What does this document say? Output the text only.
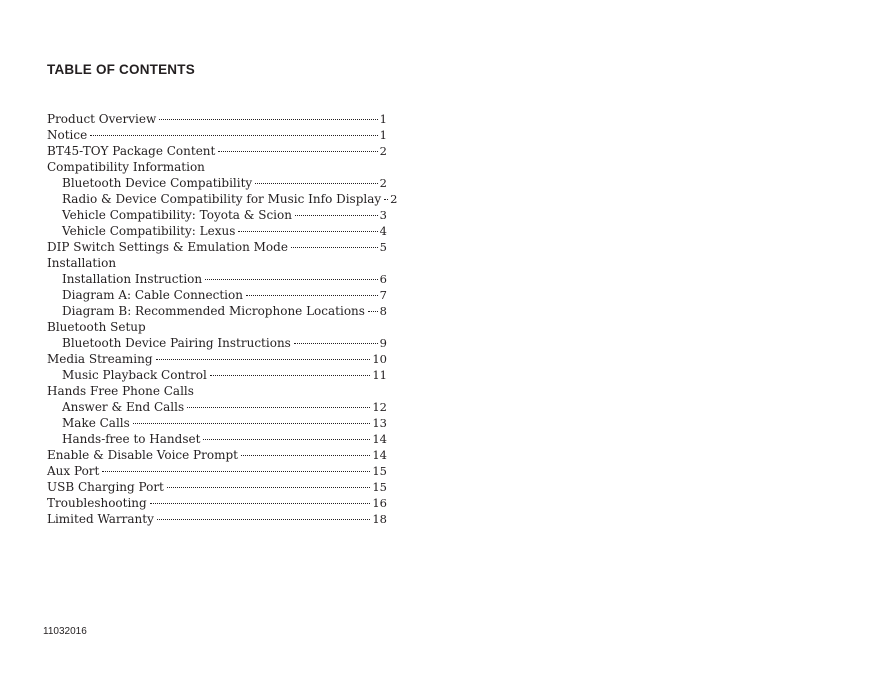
TABLE OF CONTENTS
Product Overview	1
Notice	1
BT45-TOY Package Content	2
Compatibility Information
Bluetooth Device Compatibility	2
Radio & Device Compatibility for Music Info Display 2
Vehicle Compatibility: Toyota & Scion	3
Vehicle Compatibility: Lexus	4
DIP Switch Settings & Emulation Mode	5
Installation
Installation Instruction	6
Diagram A: Cable Connection	7
Diagram B: Recommended Microphone Locations 8
Bluetooth Setup
Bluetooth Device Pairing Instructions	9
Media Streaming	10
Music Playback Control	11
Hands Free Phone Calls
Answer & End Calls	12
Make Calls	13
Hands-free to Handset	14
Enable & Disable Voice Prompt	14
Aux Port	15
USB Charging Port	15
Troubleshooting	16
Limited Warranty	18

11032016
